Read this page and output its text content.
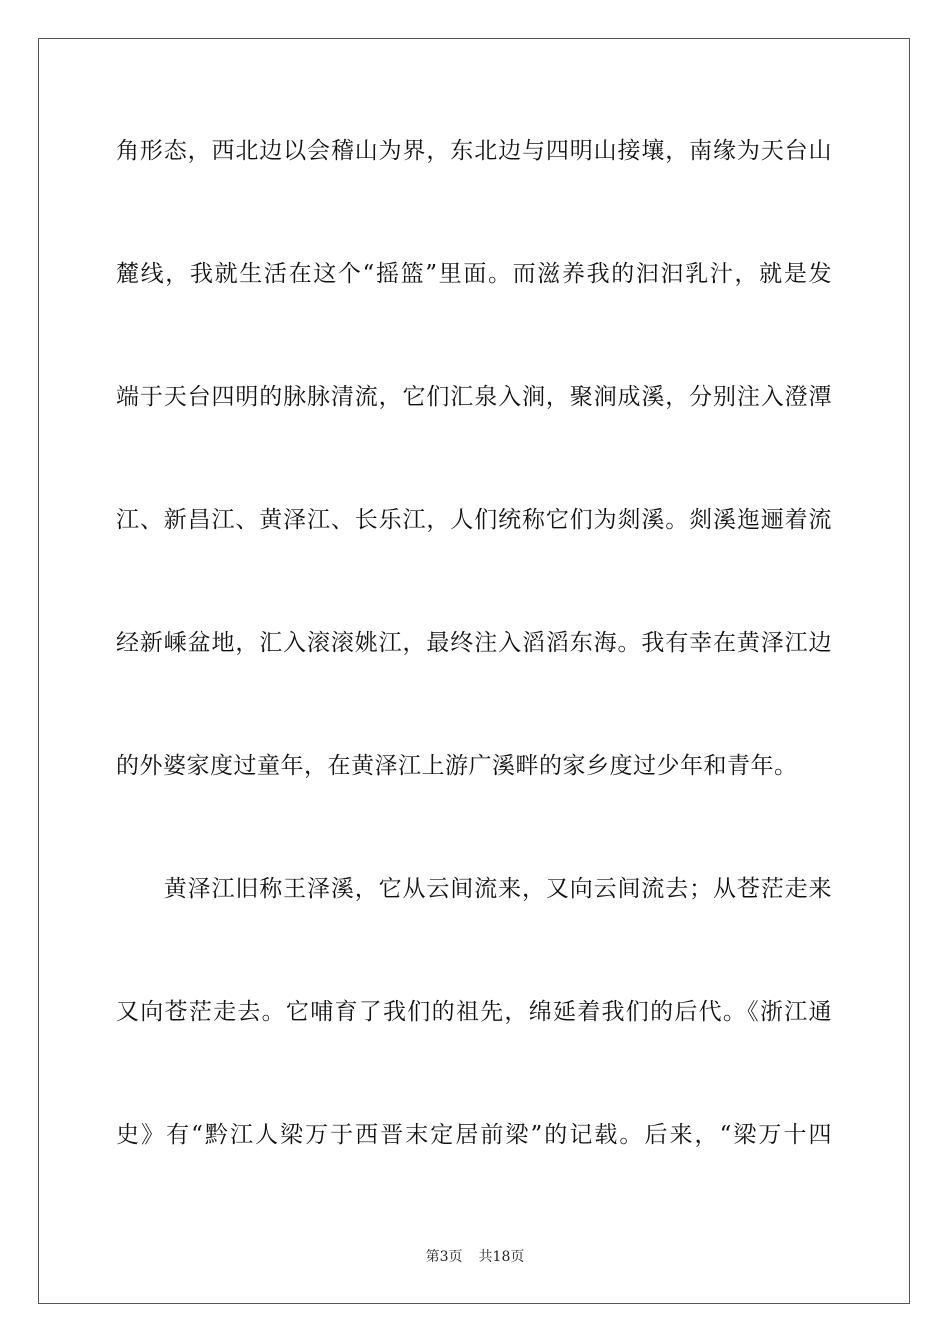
角形态，西北边以会稽山为界，东北边与四明山接壤，南缘为天台山
麓线，我就生活在这个“摇篮”里面。而滋养我的汩汩乳汁，就是发
端于天台四明的脉脉清流，它们汇泉入涧，聚涧成溪，分别注入澄潭
江、新昌江、黄泽江、长乐江，人们统称它们为剡溪。剡溪迤逦着流
经新嵊盆地，汇入滚滚姚江，最终注入滔滔东海。我有幸在黄泽江边
的外婆家度过童年，在黄泽江上游广溪畔的家乡度过少年和青年。
　　黄泽江旧称王泽溪，它从云间流来，又向云间流去；从苍茫走来
又向苍茫走去。它哺育了我们的祖先，绵延着我们的后代。《浙江通
史》有“黔江人梁万于西晋末定居前梁”的记载。后来，“梁万十四
第3页 共18页
